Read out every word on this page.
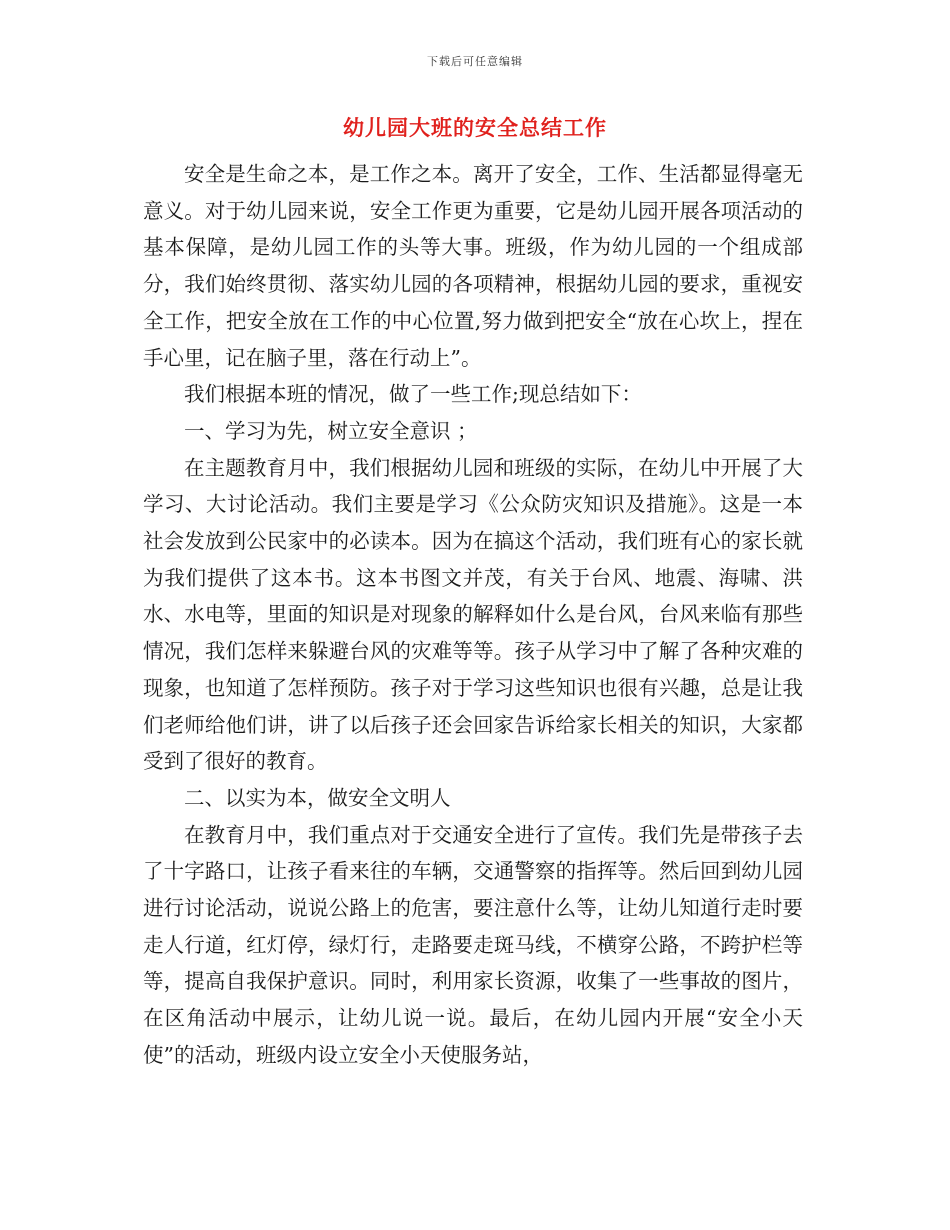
下载后可任意编辑
幼儿园大班的安全总结工作

安全是生命之本，是工作之本。离开了安全，工作、生活都显得毫无意义。对于幼儿园来说，安全工作更为重要，它是幼儿园开展各项活动的基本保障，是幼儿园工作的头等大事。班级，作为幼儿园的一个组成部分，我们始终贯彻、落实幼儿园的各项精神，根据幼儿园的要求，重视安全工作，把安全放在工作的中心位置,努力做到把安全“放在心坎上，捏在手心里，记在脑子里，落在行动上”。

我们根据本班的情况，做了一些工作;现总结如下：

一、学习为先，树立安全意识 ；

在主题教育月中，我们根据幼儿园和班级的实际，在幼儿中开展了大学习、大讨论活动。我们主要是学习《公众防灾知识及措施》。这是一本社会发放到公民家中的必读本。因为在搞这个活动，我们班有心的家长就为我们提供了这本书。这本书图文并茂，有关于台风、地震、海啸、洪水、水电等，里面的知识是对现象的解释如什么是台风，台风来临有那些情况，我们怎样来躲避台风的灾难等等。孩子从学习中了解了各种灾难的现象，也知道了怎样预防。孩子对于学习这些知识也很有兴趣，总是让我们老师给他们讲，讲了以后孩子还会回家告诉给家长相关的知识，大家都受到了很好的教育。

二、以实为本，做安全文明人

在教育月中，我们重点对于交通安全进行了宣传。我们先是带孩子去了十字路口，让孩子看来往的车辆，交通警察的指挥等。然后回到幼儿园进行讨论活动，说说公路上的危害，要注意什么等，让幼儿知道行走时要走人行道，红灯停，绿灯行，走路要走斑马线，不横穿公路，不跨护栏等等，提高自我保护意识。同时，利用家长资源，收集了一些事故的图片，在区角活动中展示，让幼儿说一说。最后，在幼儿园内开展“安全小天使”的活动，班级内设立安全小天使服务站，
